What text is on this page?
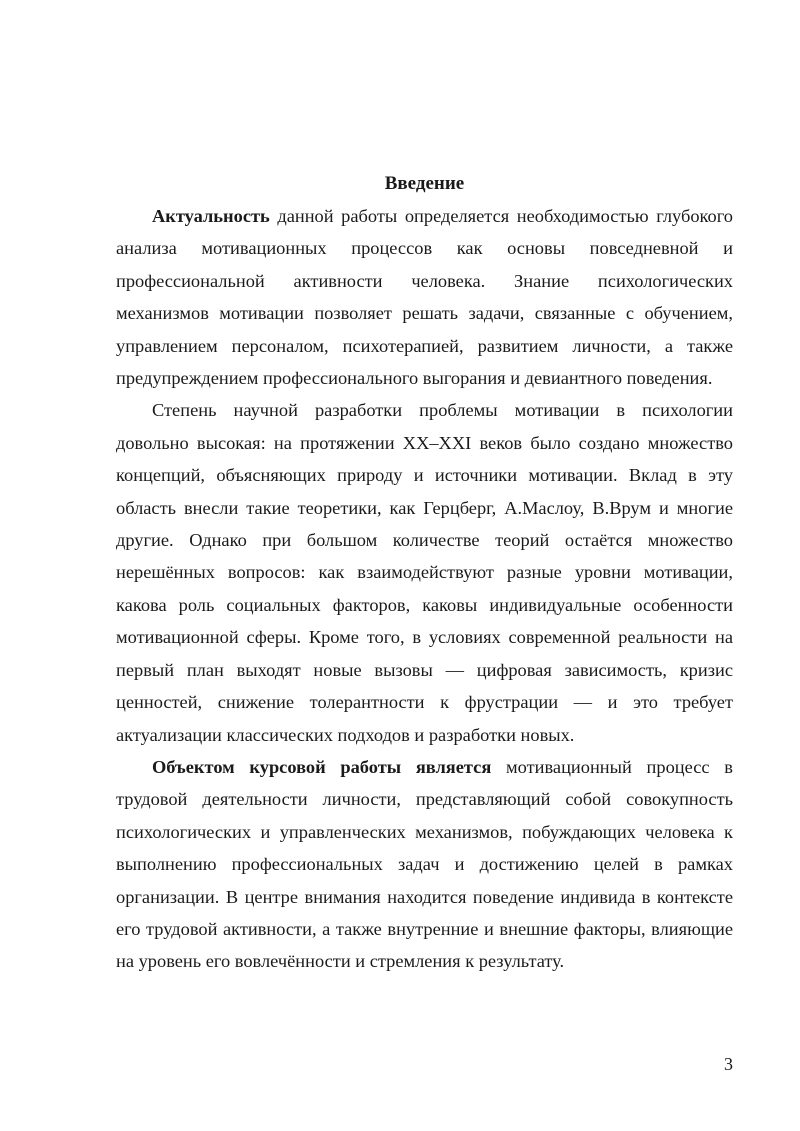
Введение

Актуальность данной работы определяется необходимостью глубокого анализа мотивационных процессов как основы повседневной и профессиональной активности человека. Знание психологических механизмов мотивации позволяет решать задачи, связанные с обучением, управлением персоналом, психотерапией, развитием личности, а также предупреждением профессионального выгорания и девиантного поведения.

Степень научной разработки проблемы мотивации в психологии довольно высокая: на протяжении XX–XXI веков было создано множество концепций, объясняющих природу и источники мотивации. Вклад в эту область внесли такие теоретики, как Герцберг, А.Маслоу, В.Врум и многие другие. Однако при большом количестве теорий остаётся множество нерешённых вопросов: как взаимодействуют разные уровни мотивации, какова роль социальных факторов, каковы индивидуальные особенности мотивационной сферы. Кроме того, в условиях современной реальности на первый план выходят новые вызовы — цифровая зависимость, кризис ценностей, снижение толерантности к фрустрации — и это требует актуализации классических подходов и разработки новых.

Объектом курсовой работы является мотивационный процесс в трудовой деятельности личности, представляющий собой совокупность психологических и управленческих механизмов, побуждающих человека к выполнению профессиональных задач и достижению целей в рамках организации. В центре внимания находится поведение индивида в контексте его трудовой активности, а также внутренние и внешние факторы, влияющие на уровень его вовлечённости и стремления к результату.

3
